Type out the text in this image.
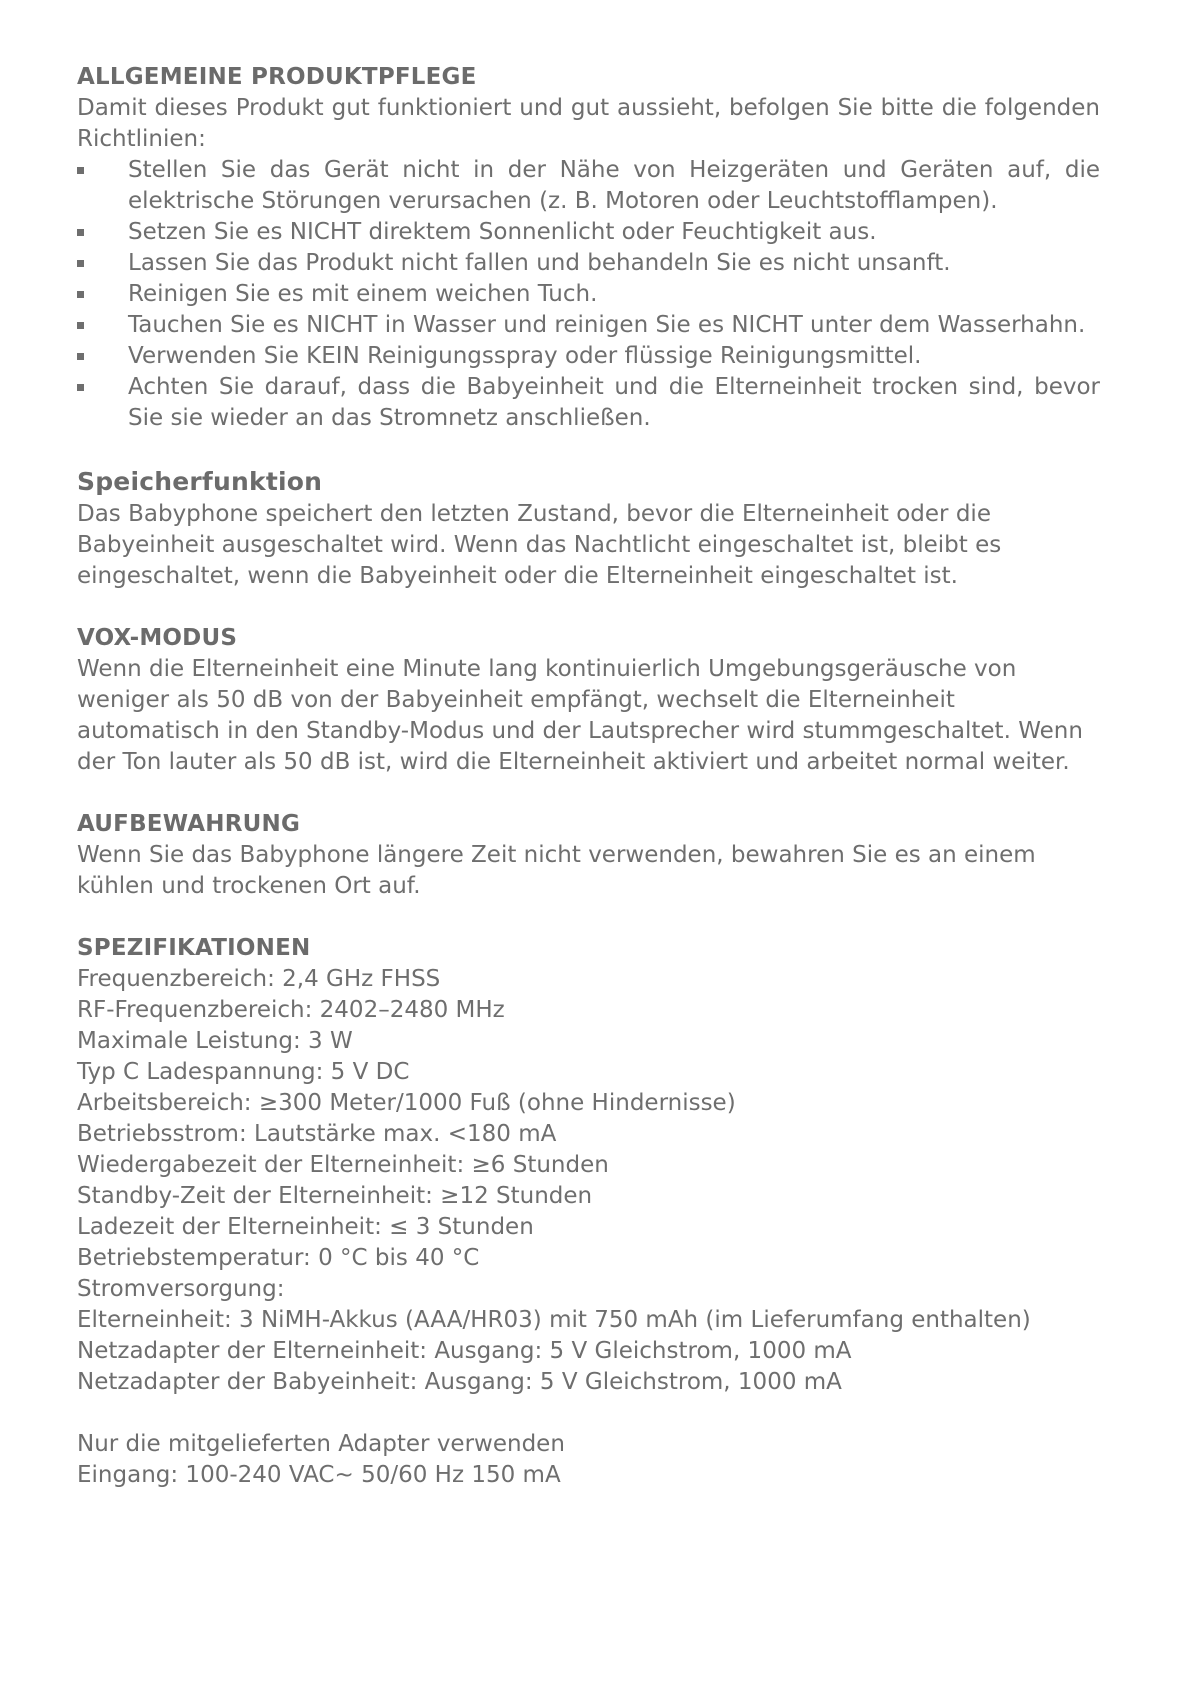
ALLGEMEINE PRODUKTPFLEGE

Damit dieses Produkt gut funktioniert und gut aussieht, befolgen Sie bitte die folgenden Richtlinien:

Stellen Sie das Gerät nicht in der Nähe von Heizgeräten und Geräten auf, die elektrische Störungen verursachen (z. B. Motoren oder Leuchtstofflampen).
Setzen Sie es NICHT direktem Sonnenlicht oder Feuchtigkeit aus.
Lassen Sie das Produkt nicht fallen und behandeln Sie es nicht unsanft.
Reinigen Sie es mit einem weichen Tuch.
Tauchen Sie es NICHT in Wasser und reinigen Sie es NICHT unter dem Wasserhahn.
Verwenden Sie KEIN Reinigungsspray oder flüssige Reinigungsmittel.
Achten Sie darauf, dass die Babyeinheit und die Elterneinheit trocken sind, bevor Sie sie wieder an das Stromnetz anschließen.
Speicherfunktion

Das Babyphone speichert den letzten Zustand, bevor die Elterneinheit oder die Babyeinheit ausgeschaltet wird. Wenn das Nachtlicht eingeschaltet ist, bleibt es eingeschaltet, wenn die Babyeinheit oder die Elterneinheit eingeschaltet ist.

VOX-MODUS

Wenn die Elterneinheit eine Minute lang kontinuierlich Umgebungsgeräusche von weniger als 50 dB von der Babyeinheit empfängt, wechselt die Elterneinheit automatisch in den Standby-Modus und der Lautsprecher wird stummgeschaltet. Wenn der Ton lauter als 50 dB ist, wird die Elterneinheit aktiviert und arbeitet normal weiter.

AUFBEWAHRUNG

Wenn Sie das Babyphone längere Zeit nicht verwenden, bewahren Sie es an einem kühlen und trockenen Ort auf.

SPEZIFIKATIONEN

Frequenzbereich: 2,4 GHz FHSS

RF-Frequenzbereich: 2402–2480 MHz

Maximale Leistung: 3 W

Typ C Ladespannung: 5 V DC

Arbeitsbereich: ≥300 Meter/1000 Fuß (ohne Hindernisse)

Betriebsstrom: Lautstärke max. <180 mA

Wiedergabezeit der Elterneinheit: ≥6 Stunden

Standby-Zeit der Elterneinheit: ≥12 Stunden

Ladezeit der Elterneinheit: ≤ 3 Stunden

Betriebstemperatur: 0 °C bis 40 °C

Stromversorgung:

Elterneinheit: 3 NiMH-Akkus (AAA/HR03) mit 750 mAh (im Lieferumfang enthalten)

Netzadapter der Elterneinheit: Ausgang: 5 V Gleichstrom, 1000 mA

Netzadapter der Babyeinheit: Ausgang: 5 V Gleichstrom, 1000 mA

Nur die mitgelieferten Adapter verwenden

Eingang: 100-240 VAC~ 50/60 Hz 150 mA
